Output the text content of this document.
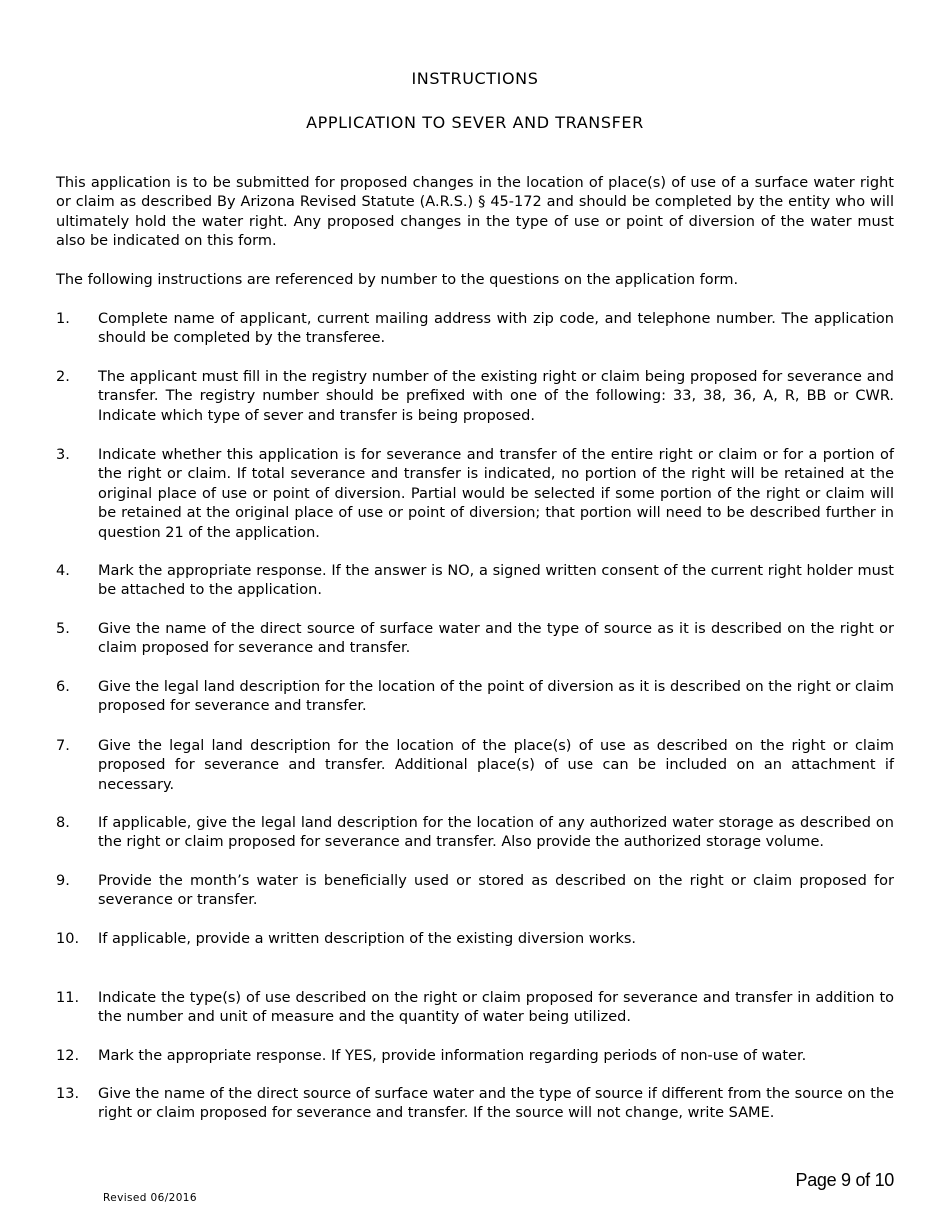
INSTRUCTIONS
APPLICATION TO SEVER AND TRANSFER
This application is to be submitted for proposed changes in the location of place(s) of use of a surface water right or claim as described By Arizona Revised Statute (A.R.S.) § 45-172 and should be completed by the entity who will ultimately hold the water right. Any proposed changes in the type of use or point of diversion of the water must also be indicated on this form.
The following instructions are referenced by number to the questions on the application form.
1.	Complete name of applicant, current mailing address with zip code, and telephone number. The application should be completed by the transferee.
2.	The applicant must fill in the registry number of the existing right or claim being proposed for severance and transfer. The registry number should be prefixed with one of the following: 33, 38, 36, A, R, BB or CWR. Indicate which type of sever and transfer is being proposed.
3.	Indicate whether this application is for severance and transfer of the entire right or claim or for a portion of the right or claim. If total severance and transfer is indicated, no portion of the right will be retained at the original place of use or point of diversion. Partial would be selected if some portion of the right or claim will be retained at the original place of use or point of diversion; that portion will need to be described further in question 21 of the application.
4.	Mark the appropriate response. If the answer is NO, a signed written consent of the current right holder must be attached to the application.
5.	Give the name of the direct source of surface water and the type of source as it is described on the right or claim proposed for severance and transfer.
6.	Give the legal land description for the location of the point of diversion as it is described on the right or claim proposed for severance and transfer.
7.	Give the legal land description for the location of the place(s) of use as described on the right or claim proposed for severance and transfer. Additional place(s) of use can be included on an attachment if necessary.
8.	If applicable, give the legal land description for the location of any authorized water storage as described on the right or claim proposed for severance and transfer. Also provide the authorized storage volume.
9.	Provide the month’s water is beneficially used or stored as described on the right or claim proposed for severance or transfer.
10.	If applicable, provide a written description of the existing diversion works.
11.	Indicate the type(s) of use described on the right or claim proposed for severance and transfer in addition to the number and unit of measure and the quantity of water being utilized.
12.	Mark the appropriate response. If YES, provide information regarding periods of non-use of water.
13.	Give the name of the direct source of surface water and the type of source if different from the source on the right or claim proposed for severance and transfer. If the source will not change, write SAME.
Page 9 of 10
Revised 06/2016
